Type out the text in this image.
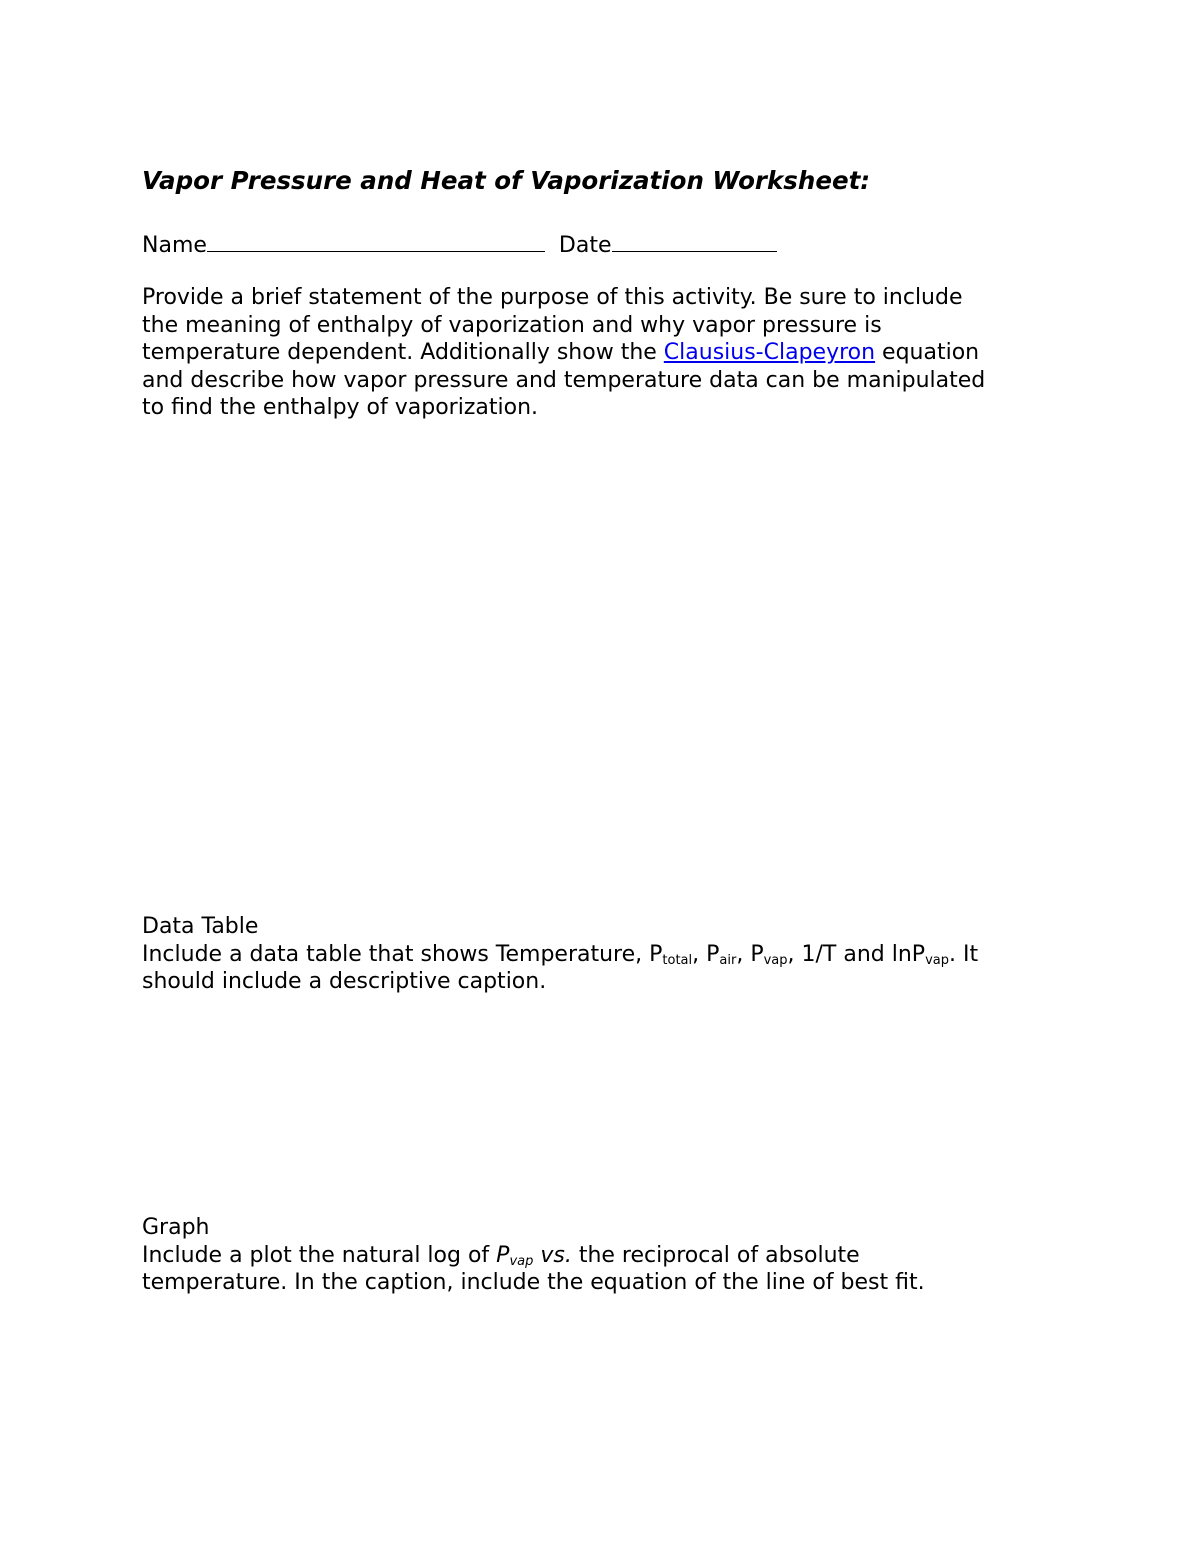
Vapor Pressure and Heat of Vaporization Worksheet:
Name	Date
Provide a brief statement of the purpose of this activity. Be sure to include
the meaning of enthalpy of vaporization and why vapor pressure is
temperature dependent. Additionally show the Clausius-Clapeyron equation
and describe how vapor pressure and temperature data can be manipulated
to find the enthalpy of vaporization.
Data Table
Include a data table that shows Temperature, $P_{total}$, $P_{air}$, $P_{vap}$, 1/T and lnP$_{vap}$. It
should include a descriptive caption.
Graph
Include a plot the natural log of $P_{vap}$ vs. the reciprocal of absolute
temperature. In the caption, include the equation of the line of best fit.
